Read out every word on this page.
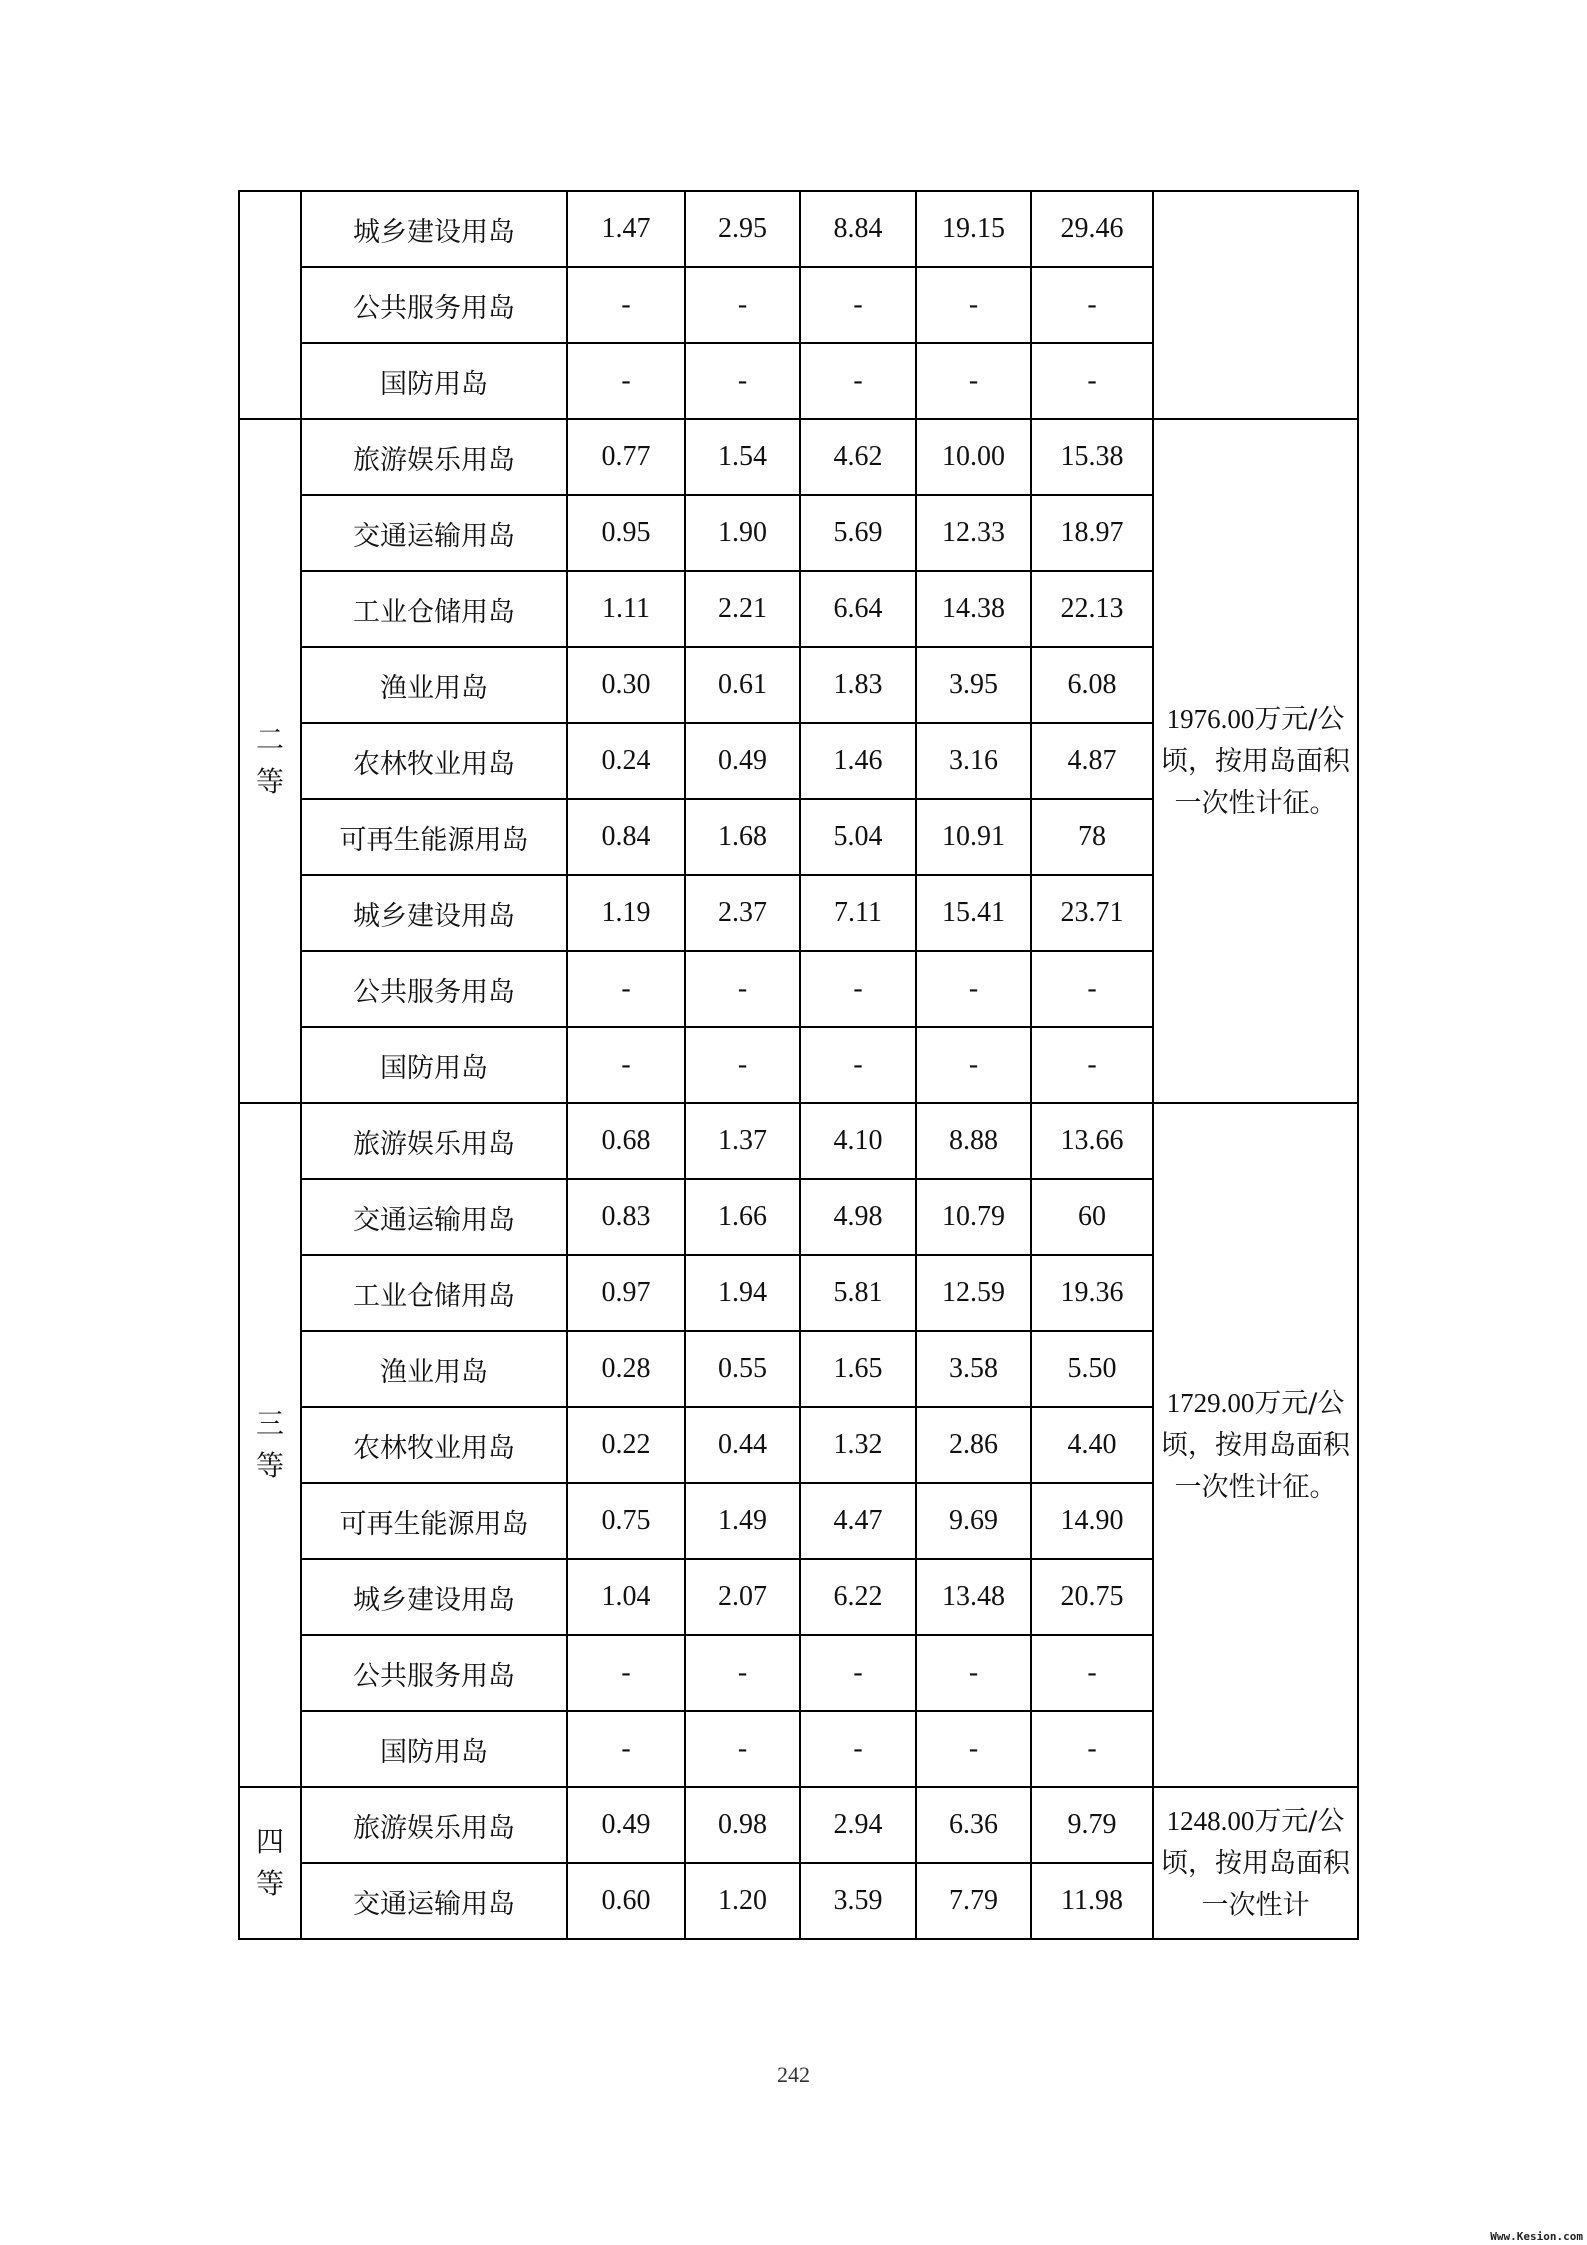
	城乡建设用岛	1.47	2.95	8.84	19.15	29.46	
	公共服务用岛	-	-	-	-	-	
	国防用岛	-	-	-	-	-	

二
等	旅游娱乐用岛	0.77	1.54	4.62	10.00	15.38	1976.00万元/公顷，按用岛面积一次性计征。
	交通运输用岛	0.95	1.90	5.69	12.33	18.97	
	工业仓储用岛	1.11	2.21	6.64	14.38	22.13	
	渔业用岛	0.30	0.61	1.83	3.95	6.08	
	农林牧业用岛	0.24	0.49	1.46	3.16	4.87	
	可再生能源用岛	0.84	1.68	5.04	10.91	78	
	城乡建设用岛	1.19	2.37	7.11	15.41	23.71	
	公共服务用岛	-	-	-	-	-	
	国防用岛	-	-	-	-	-	

三
等	旅游娱乐用岛	0.68	1.37	4.10	8.88	13.66	1729.00万元/公顷，按用岛面积一次性计征。
	交通运输用岛	0.83	1.66	4.98	10.79	60	
	工业仓储用岛	0.97	1.94	5.81	12.59	19.36	
	渔业用岛	0.28	0.55	1.65	3.58	5.50	
	农林牧业用岛	0.22	0.44	1.32	2.86	4.40	
	可再生能源用岛	0.75	1.49	4.47	9.69	14.90	
	城乡建设用岛	1.04	2.07	6.22	13.48	20.75	
	公共服务用岛	-	-	-	-	-	
	国防用岛	-	-	-	-	-	

四
等	旅游娱乐用岛	0.49	0.98	2.94	6.36	9.79	1248.00万元/公顷，按用岛面积一次性计
	交通运输用岛	0.60	1.20	3.59	7.79	11.98	
242
Www.Kesion.com
